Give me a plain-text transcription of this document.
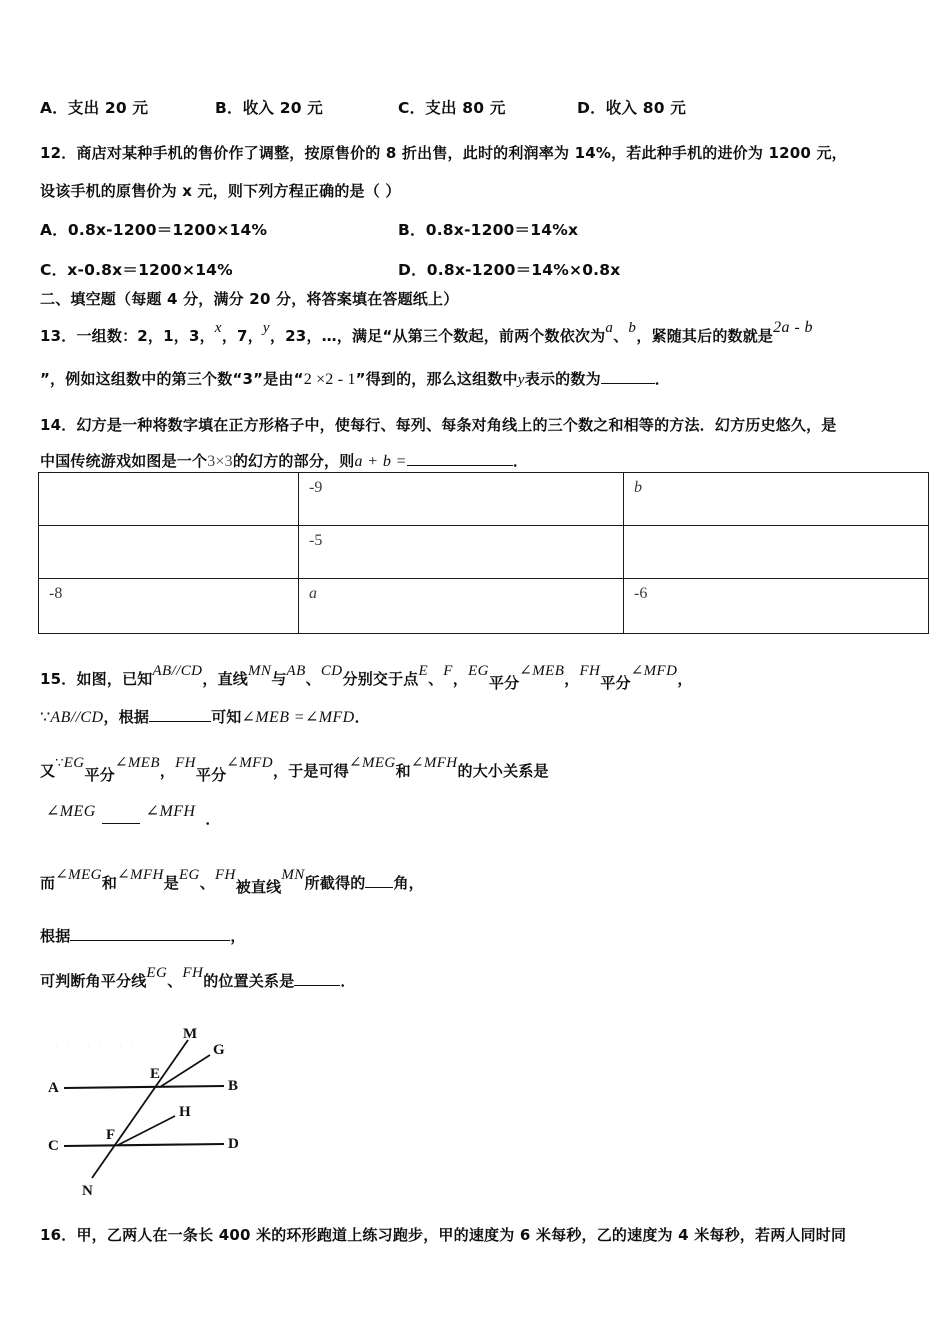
A．支出 20 元	B．收入 20 元	C．支出 80 元	D．收入 80 元
12．商店对某种手机的售价作了调整，按原售价的 8 折出售，此时的利润率为 14%，若此种手机的进价为 1200 元，
设该手机的原售价为 x 元，则下列方程正确的是（ ）
A．0.8x‑1200＝1200×14%	B．0.8x‑1200＝14%x
C．x‑0.8x＝1200×14%	D．0.8x‑1200＝14%×0.8x
二、填空题（每题 4 分，满分 20 分，将答案填在答题纸上）
13．一组数：2，1，3，x，7，y，23，…，满足“从第三个数起，前两个数依次为a、b，紧随其后的数就是2a - b
”，例如这组数中的第三个数“3”是由“2 ×2 - 1”得到的，那么这组数中y表示的数为	．
14．幻方是一种将数字填在正方形格子中，使每行、每列、每条对角线上的三个数之和相等的方法．幻方历史悠久，是
中国传统游戏如图是一个3×3的幻方的部分，则a + b =	．
	-9	b
	-5	
-8	a	-6
15．如图，已知AB//CD，直线MN与AB、CD分别交于点E、F，EG平分∠MEB，FH平分∠MFD，
∵AB//CD，根据	可知∠MEB =∠MFD．
又∵EG平分∠MEB，FH平分∠MFD，于是可得∠MEG和∠MFH的大小关系是
∠MEG	∠MFH ．
而∠MEG和∠MFH是EG、FH被直线MN所截得的 角，
根据	，
可判断角平分线EG、FH的位置关系是	．
· · · · · · · · ·
A	B
C	D
E
F
G
H
M
N
16．甲，乙两人在一条长 400 米的环形跑道上练习跑步，甲的速度为 6 米每秒，乙的速度为 4 米每秒，若两人同时同
